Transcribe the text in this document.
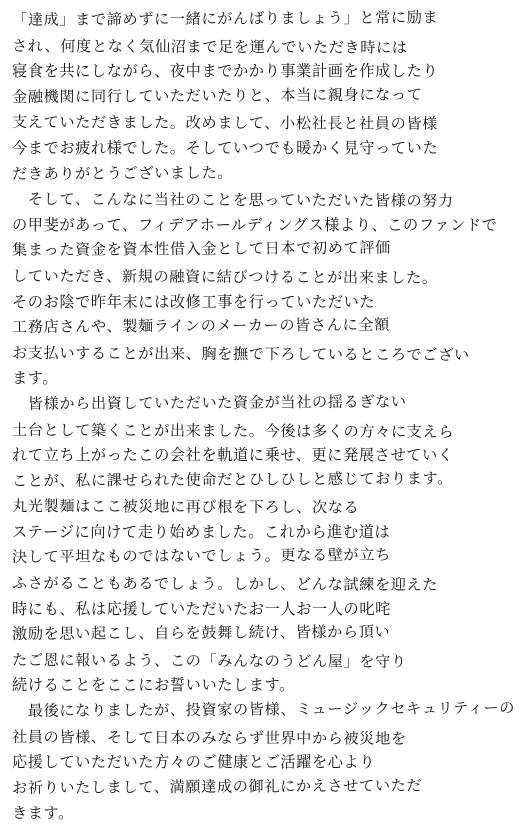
「達成」まで諦めずに一緒にがんばりましょう」と常に励ま
され、何度となく気仙沼まで足を運んでいただき時には
寝食を共にしながら、夜中までかかり事業計画を作成したり
金融機関に同行していただいたりと、本当に親身になって
支えていただきました。改めまして、小松社長と社員の皆様
今までお疲れ様でした。そしていつでも暖かく見守っていた
だきありがとうございました。
　そして、こんなに当社のことを思っていただいた皆様の努力
の甲斐があって、フィデアホールディングス様より、このファンドで
集まった資金を資本性借入金として日本で初めて評価
していただき、新規の融資に結びつけることが出来ました。
そのお陰で昨年末には改修工事を行っていただいた
工務店さんや、製麺ラインのメーカーの皆さんに全額
お支払いすることが出来、胸を撫で下ろしているところでござい
ます。
　皆様から出資していただいた資金が当社の揺るぎない
土台として築くことが出来ました。今後は多くの方々に支えら
れて立ち上がったこの会社を軌道に乗せ、更に発展させていく
ことが、私に課せられた使命だとひしひしと感じております。
丸光製麺はここ被災地に再び根を下ろし、次なる
ステージに向けて走り始めました。これから進む道は
決して平坦なものではないでしょう。更なる壁が立ち
ふさがることもあるでしょう。しかし、どんな試練を迎えた
時にも、私は応援していただいたお一人お一人の叱咤
激励を思い起こし、自らを鼓舞し続け、皆様から頂い
たご恩に報いるよう、この「みんなのうどん屋」を守り
続けることをここにお誓いいたします。
　最後になりましたが、投資家の皆様、ミュージックセキュリティーの
社員の皆様、そして日本のみならず世界中から被災地を
応援していただいた方々のご健康とご活躍を心より
お祈りいたしまして、満願達成の御礼にかえさせていただ
きます。
